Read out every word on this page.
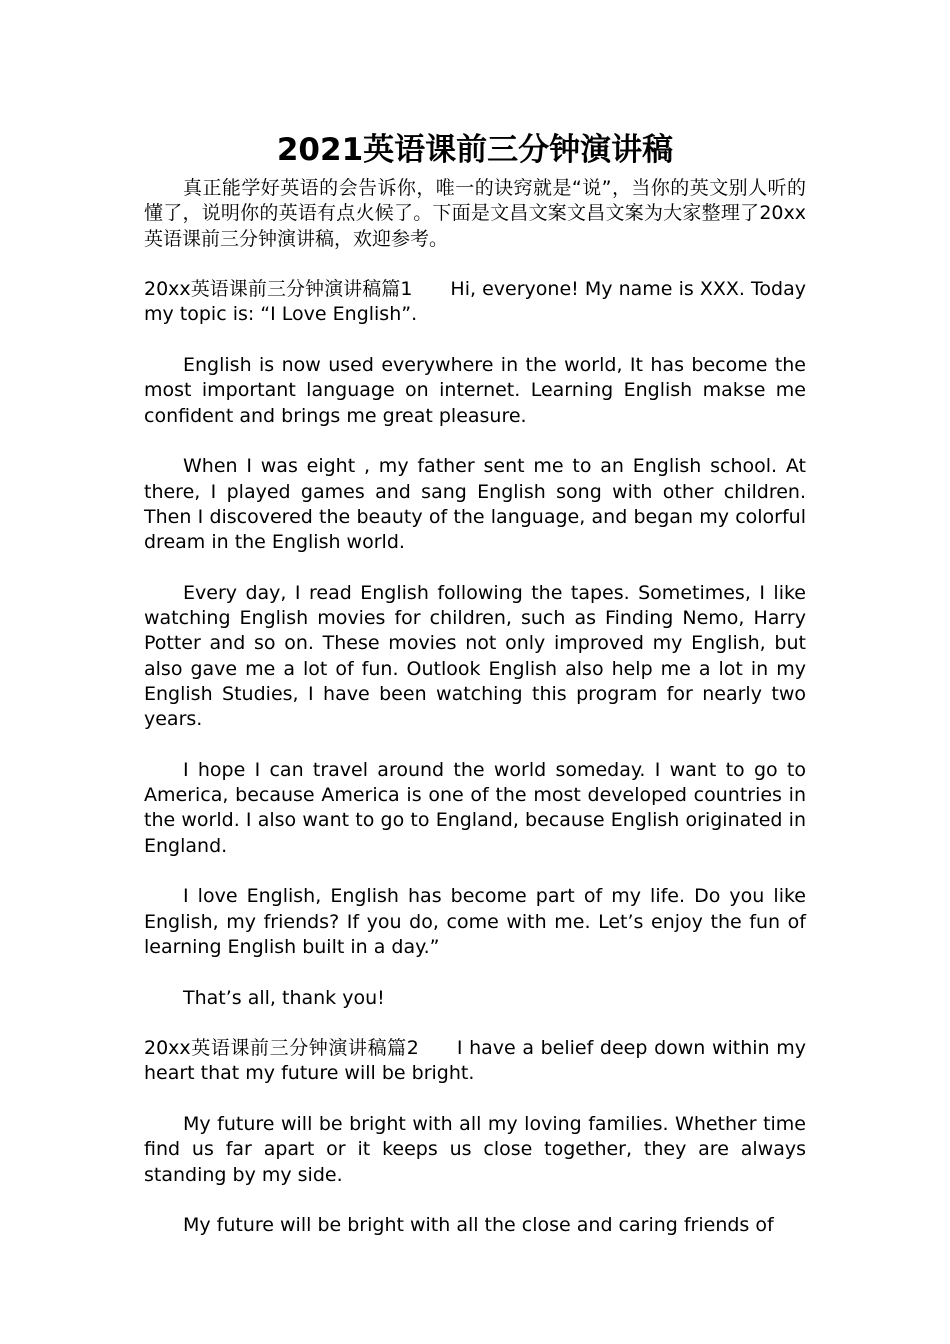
2021英语课前三分钟演讲稿

真正能学好英语的会告诉你，唯一的诀窍就是“说”，当你的英文别人听的懂了，说明你的英语有点火候了。下面是文昌文案文昌文案为大家整理了20xx英语课前三分钟演讲稿，欢迎参考。

20xx英语课前三分钟演讲稿篇1 Hi, everyone! My name is XXX. Today my topic is: “I Love English”.

English is now used everywhere in the world, It has become the most important language on internet. Learning English makse me confident and brings me great pleasure.

When I was eight , my father sent me to an English school. At there, I played games and sang English song with other children. Then I discovered the beauty of the language, and began my colorful dream in the English world.

Every day, I read English following the tapes. Sometimes, I like watching English movies for children, such as Finding Nemo, Harry Potter and so on. These movies not only improved my English, but also gave me a lot of fun. Outlook English also help me a lot in my English Studies, I have been watching this program for nearly two years.

I hope I can travel around the world someday. I want to go to America, because America is one of the most developed countries in the world. I also want to go to England, because English originated in England.

I love English, English has become part of my life. Do you like English, my friends? If you do, come with me. Let’s enjoy the fun of learning English built in a day.”

That’s all, thank you!

20xx英语课前三分钟演讲稿篇2 I have a belief deep down within my heart that my future will be bright.

My future will be bright with all my loving families. Whether time find us far apart or it keeps us close together, they are always standing by my side.

My future will be bright with all the close and caring friends of
